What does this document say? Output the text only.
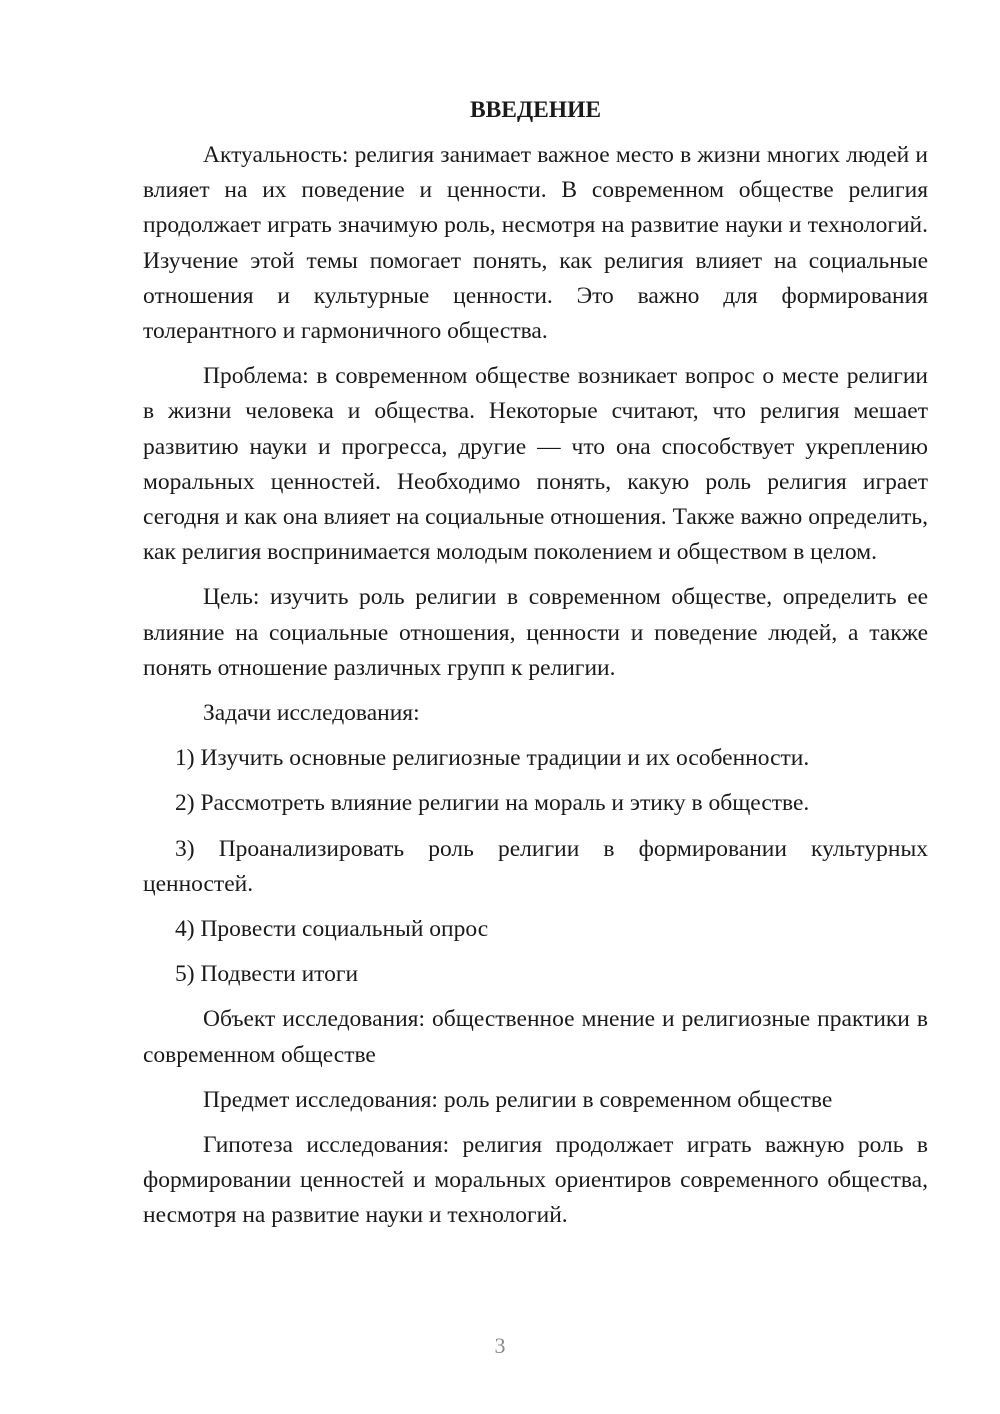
ВВЕДЕНИЕ

Актуальность: религия занимает важное место в жизни многих людей и влияет на их поведение и ценности. В современном обществе религия продолжает играть значимую роль, несмотря на развитие науки и технологий. Изучение этой темы помогает понять, как религия влияет на социальные отношения и культурные ценности. Это важно для формирования толерантного и гармоничного общества.

Проблема: в современном обществе возникает вопрос о месте религии в жизни человека и общества. Некоторые считают, что религия мешает развитию науки и прогресса, другие — что она способствует укреплению моральных ценностей. Необходимо понять, какую роль религия играет сегодня и как она влияет на социальные отношения. Также важно определить, как религия воспринимается молодым поколением и обществом в целом.

Цель: изучить роль религии в современном обществе, определить ее влияние на социальные отношения, ценности и поведение людей, а также понять отношение различных групп к религии.

Задачи исследования:

1) Изучить основные религиозные традиции и их особенности.

2) Рассмотреть влияние религии на мораль и этику в обществе.

3) Проанализировать роль религии в формировании культурных ценностей.

4) Провести социальный опрос

5) Подвести итоги

Объект исследования: общественное мнение и религиозные практики в современном обществе

Предмет исследования: роль религии в современном обществе

Гипотеза исследования: религия продолжает играть важную роль в формировании ценностей и моральных ориентиров современного общества, несмотря на развитие науки и технологий.

3
